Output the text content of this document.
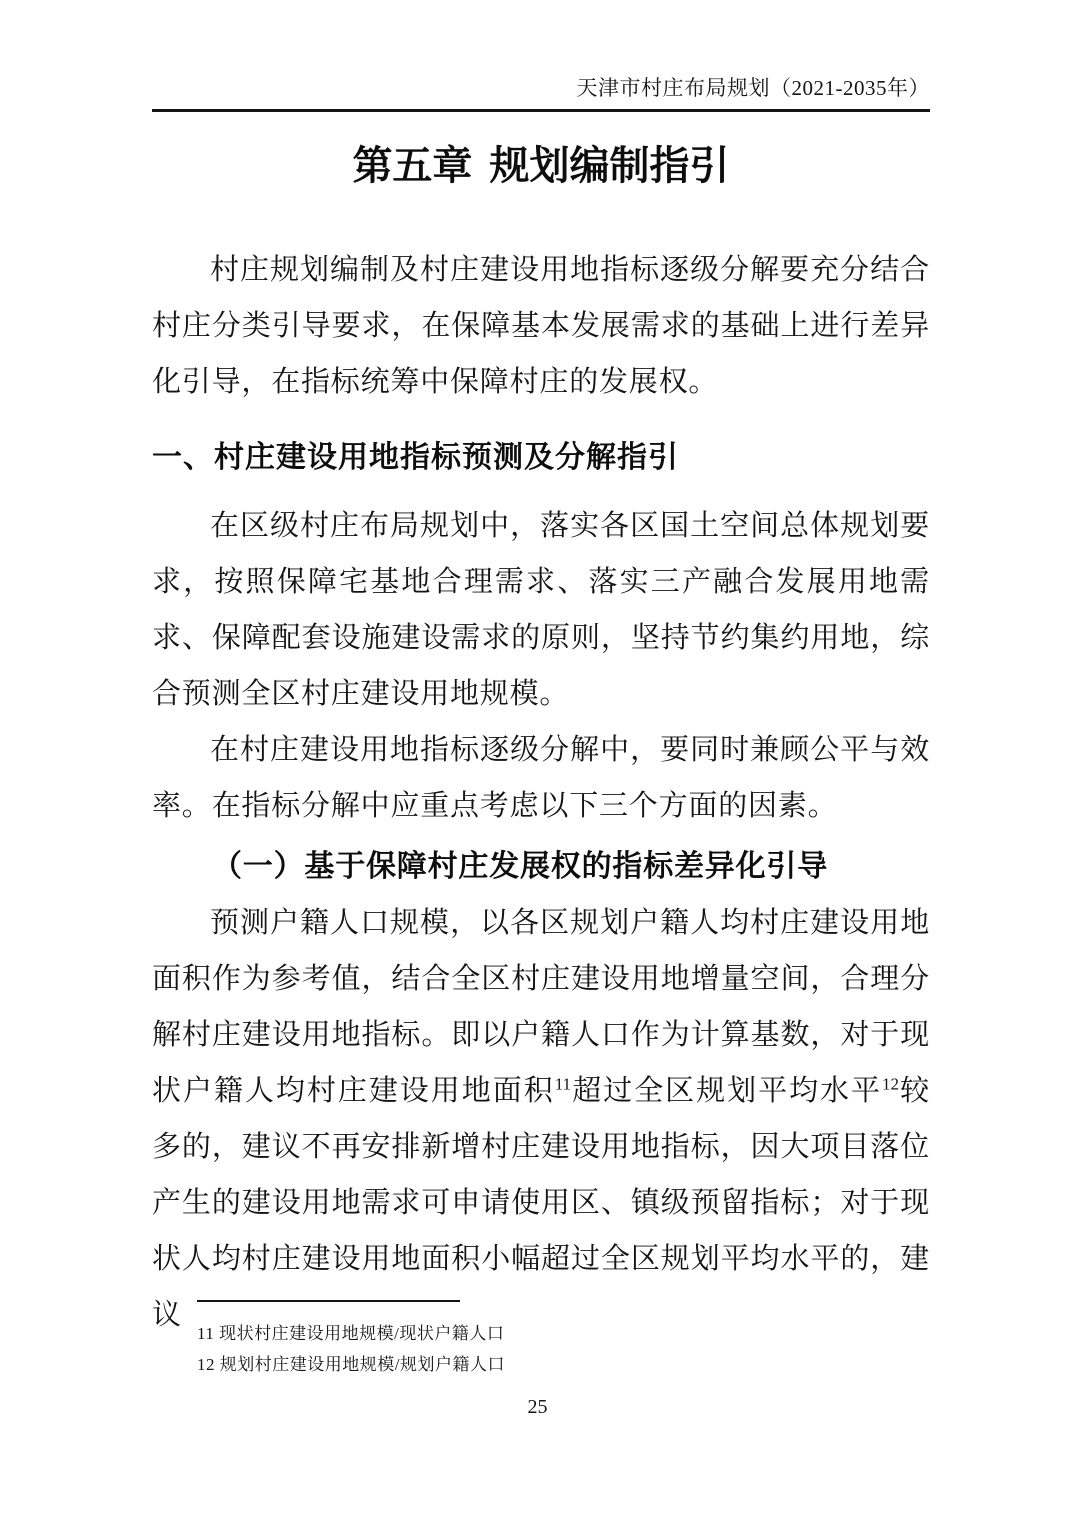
天津市村庄布局规划（2021-2035年）
第五章 规划编制指引

村庄规划编制及村庄建设用地指标逐级分解要充分结合村庄分类引导要求，在保障基本发展需求的基础上进行差异化引导，在指标统筹中保障村庄的发展权。

一、村庄建设用地指标预测及分解指引

在区级村庄布局规划中，落实各区国土空间总体规划要求，按照保障宅基地合理需求、落实三产融合发展用地需求、保障配套设施建设需求的原则，坚持节约集约用地，综合预测全区村庄建设用地规模。

在村庄建设用地指标逐级分解中，要同时兼顾公平与效率。在指标分解中应重点考虑以下三个方面的因素。

（一）基于保障村庄发展权的指标差异化引导

预测户籍人口规模，以各区规划户籍人均村庄建设用地面积作为参考值，结合全区村庄建设用地增量空间，合理分解村庄建设用地指标。即以户籍人口作为计算基数，对于现状户籍人均村庄建设用地面积$^{11}$超过全区规划平均水平$^{12}$较多的，建议不再安排新增村庄建设用地指标，因大项目落位产生的建设用地需求可申请使用区、镇级预留指标；对于现状人均村庄建设用地面积小幅超过全区规划平均水平的，建议

11 现状村庄建设用地规模/现状户籍人口
12 规划村庄建设用地规模/规划户籍人口
25
